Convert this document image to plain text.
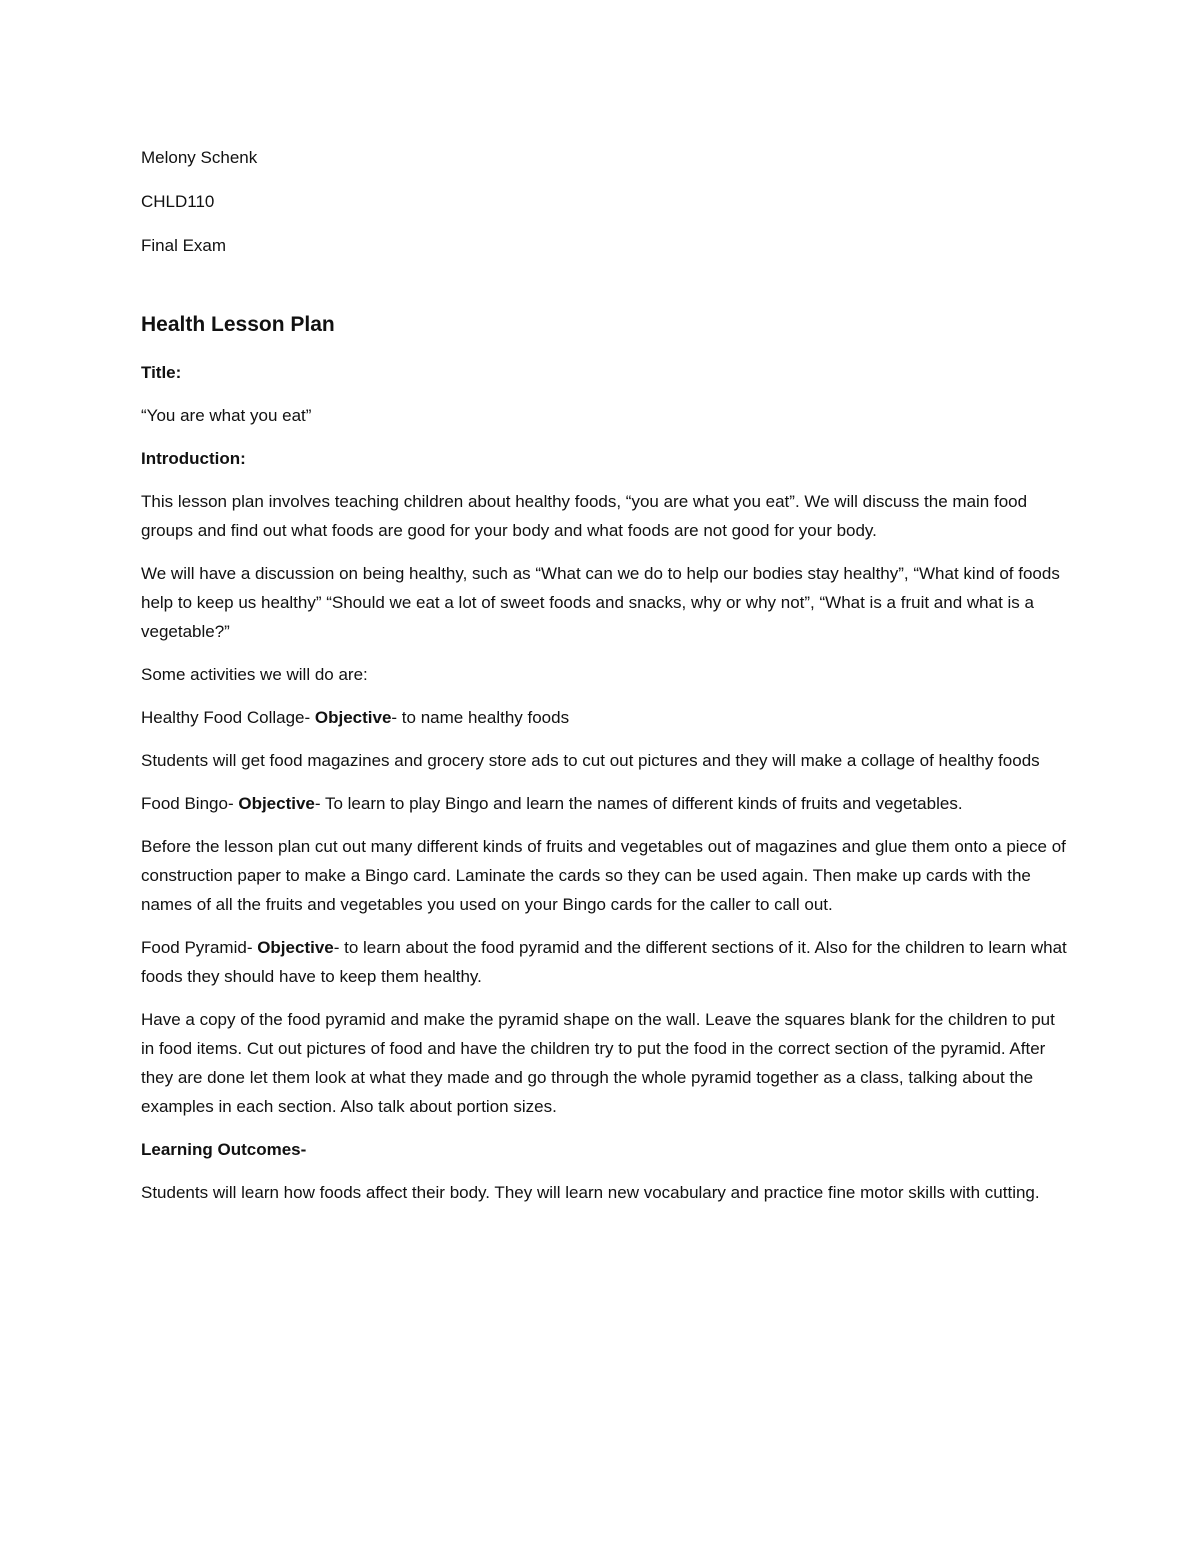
Melony Schenk

CHLD110

Final Exam

Health Lesson Plan

Title:

“You are what you eat”

Introduction:

This lesson plan involves teaching children about healthy foods, “you are what you eat”. We will discuss the main food groups and find out what foods are good for your body and what foods are not good for your body.

We will have a discussion on being healthy, such as “What can we do to help our bodies stay healthy”, “What kind of foods help to keep us healthy” “Should we eat a lot of sweet foods and snacks, why or why not”, “What is a fruit and what is a vegetable?”

Some activities we will do are:

Healthy Food Collage- Objective- to name healthy foods

Students will get food magazines and grocery store ads to cut out pictures and they will make a collage of healthy foods

Food Bingo- Objective- To learn to play Bingo and learn the names of different kinds of fruits and vegetables.

Before the lesson plan cut out many different kinds of fruits and vegetables out of magazines and glue them onto a piece of construction paper to make a Bingo card. Laminate the cards so they can be used again. Then make up cards with the names of all the fruits and vegetables you used on your Bingo cards for the caller to call out.

Food Pyramid- Objective- to learn about the food pyramid and the different sections of it. Also for the children to learn what foods they should have to keep them healthy.

Have a copy of the food pyramid and make the pyramid shape on the wall. Leave the squares blank for the children to put in food items. Cut out pictures of food and have the children try to put the food in the correct section of the pyramid. After they are done let them look at what they made and go through the whole pyramid together as a class, talking about the examples in each section. Also talk about portion sizes.

Learning Outcomes-

Students will learn how foods affect their body. They will learn new vocabulary and practice fine motor skills with cutting.
